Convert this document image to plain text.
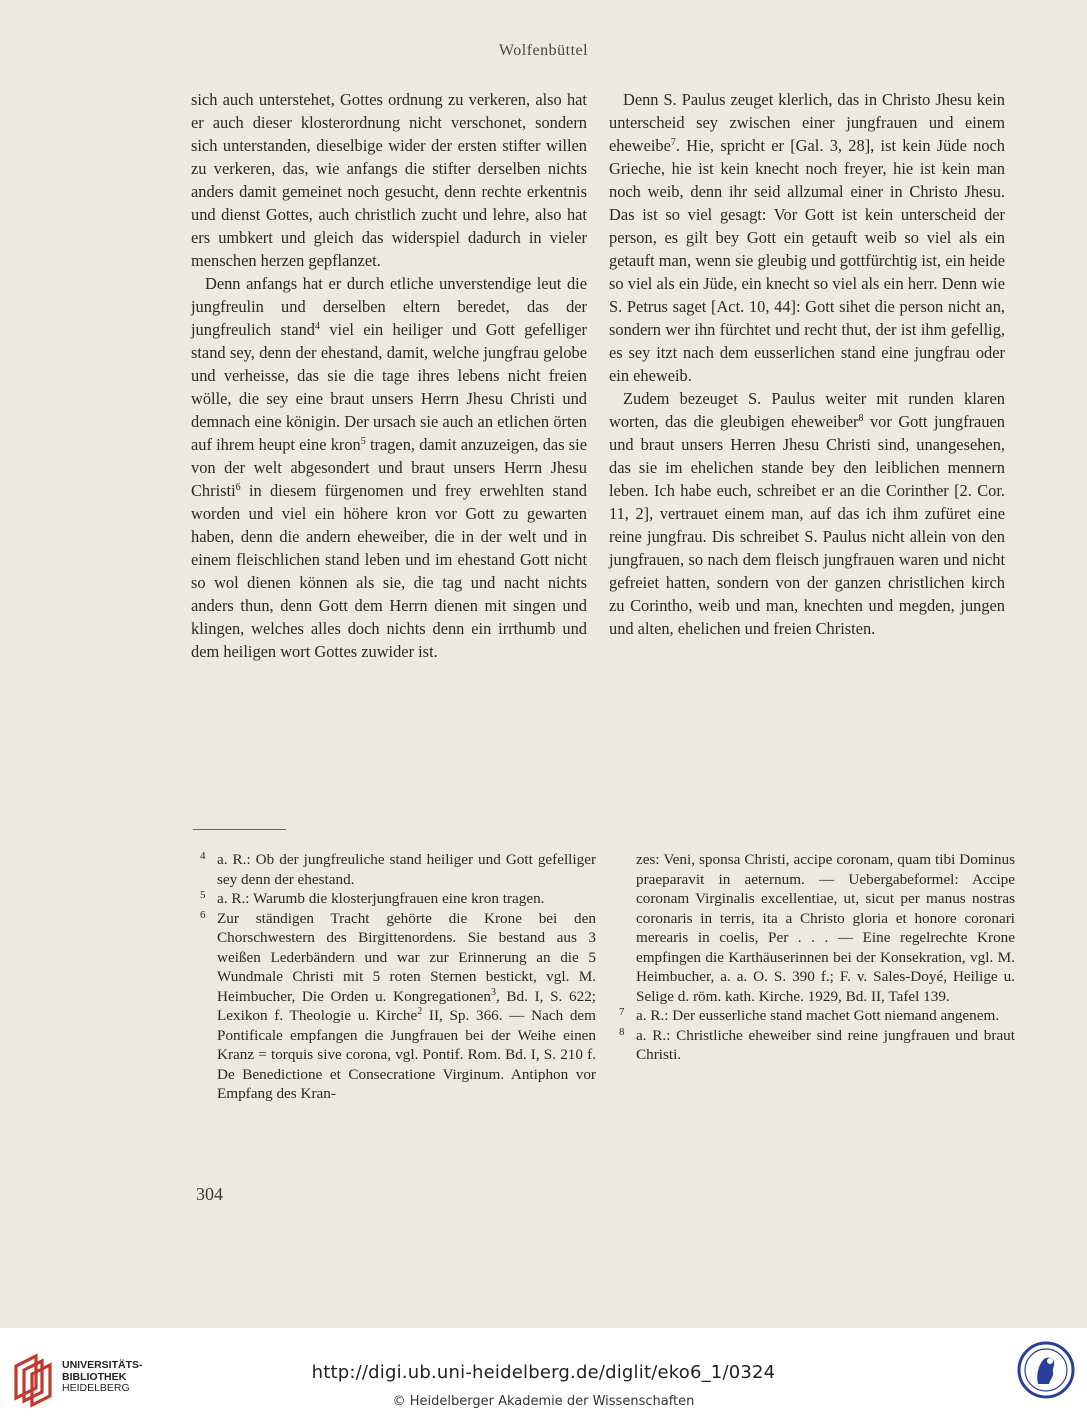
Wolfenbüttel

sich auch unterstehet, Gottes ordnung zu verkeren, also hat er auch dieser klosterordnung nicht verschonet, sondern sich unterstanden, dieselbige wider der ersten stifter willen zu verkeren, das, wie anfangs die stifter derselben nichts anders damit gemeinet noch gesucht, denn rechte erkentnis und dienst Gottes, auch christlich zucht und lehre, also hat ers umbkert und gleich das widerspiel dadurch in vieler menschen herzen gepflanzet.

Denn anfangs hat er durch etliche unverstendige leut die jungfreulin und derselben eltern beredet, das der jungfreulich stand$^4$ viel ein heiliger und Gott gefelliger stand sey, denn der ehestand, damit, welche jungfrau gelobe und verheisse, das sie die tage ihres lebens nicht freien wölle, die sey eine braut unsers Herrn Jhesu Christi und demnach eine königin. Der ursach sie auch an etlichen örten auf ihrem heupt eine kron$^5$ tragen, damit anzuzeigen, das sie von der welt abgesondert und braut unsers Herrn Jhesu Christi$^6$ in diesem fürgenomen und frey erwehlten stand worden und viel ein höhere kron vor Gott zu gewarten haben, denn die andern eheweiber, die in der welt und in einem fleischlichen stand leben und im ehestand Gott nicht so wol dienen können als sie, die tag und nacht nichts anders thun, denn Gott dem Herrn dienen mit singen und klingen, welches alles doch nichts denn ein irrthumb und dem heiligen wort Gottes zuwider ist.

Denn S. Paulus zeuget klerlich, das in Christo Jhesu kein unterscheid sey zwischen einer jungfrauen und einem eheweibe$^7$. Hie, spricht er [Gal. 3, 28], ist kein Jüde noch Grieche, hie ist kein knecht noch freyer, hie ist kein man noch weib, denn ihr seid allzumal einer in Christo Jhesu. Das ist so viel gesagt: Vor Gott ist kein unterscheid der person, es gilt bey Gott ein getauft weib so viel als ein getauft man, wenn sie gleubig und gottfürchtig ist, ein heide so viel als ein Jüde, ein knecht so viel als ein herr. Denn wie S. Petrus saget [Act. 10, 44]: Gott sihet die person nicht an, sondern wer ihn fürchtet und recht thut, der ist ihm gefellig, es sey itzt nach dem eusserlichen stand eine jungfrau oder ein eheweib.

Zudem bezeuget S. Paulus weiter mit runden klaren worten, das die gleubigen eheweiber$^8$ vor Gott jungfrauen und braut unsers Herren Jhesu Christi sind, unangesehen, das sie im ehelichen stande bey den leiblichen mennern leben. Ich habe euch, schreibet er an die Corinther [2. Cor. 11, 2], vertrauet einem man, auf das ich ihm zufüret eine reine jungfrau. Dis schreibet S. Paulus nicht allein von den jungfrauen, so nach dem fleisch jungfrauen waren und nicht gefreiet hatten, sondern von der ganzen christlichen kirch zu Corintho, weib und man, knechten und megden, jungen und alten, ehelichen und freien Christen.

4 a. R.: Ob der jungfreuliche stand heiliger und Gott gefelliger sey denn der ehestand.

5 a. R.: Warumb die klosterjungfrauen eine kron tragen.

6 Zur ständigen Tracht gehörte die Krone bei den Chorschwestern des Birgittenordens. Sie bestand aus 3 weißen Lederbändern und war zur Erinnerung an die 5 Wundmale Christi mit 5 roten Sternen bestickt, vgl. M. Heimbucher, Die Orden u. Kongregationen$^3$, Bd. I, S. 622; Lexikon f. Theologie u. Kirche$^2$ II, Sp. 366. — Nach dem Pontificale empfangen die Jungfrauen bei der Weihe einen Kranz = torquis sive corona, vgl. Pontif. Rom. Bd. I, S. 210 f. De Benedictione et Consecratione Virginum. Antiphon vor Empfang des Kran-

zes: Veni, sponsa Christi, accipe coronam, quam tibi Dominus praeparavit in aeternum. — Uebergabeformel: Accipe coronam Virginalis excellentiae, ut, sicut per manus nostras coronaris in terris, ita a Christo gloria et honore coronari merearis in coelis, Per . . . — Eine regelrechte Krone empfingen die Karthäuserinnen bei der Konsekration, vgl. M. Heimbucher, a. a. O. S. 390 f.; F. v. Sales-Doyé, Heilige u. Selige d. röm. kath. Kirche. 1929, Bd. II, Tafel 139.

7 a. R.: Der eusserliche stand machet Gott niemand angenem.

8 a. R.: Christliche eheweiber sind reine jungfrauen und braut Christi.

304
UNIVERSITÄTS-
BIBLIOTHEK
HEIDELBERG
http://digi.ub.uni-heidelberg.de/diglit/eko6_1/0324
© Heidelberger Akademie der Wissenschaften
